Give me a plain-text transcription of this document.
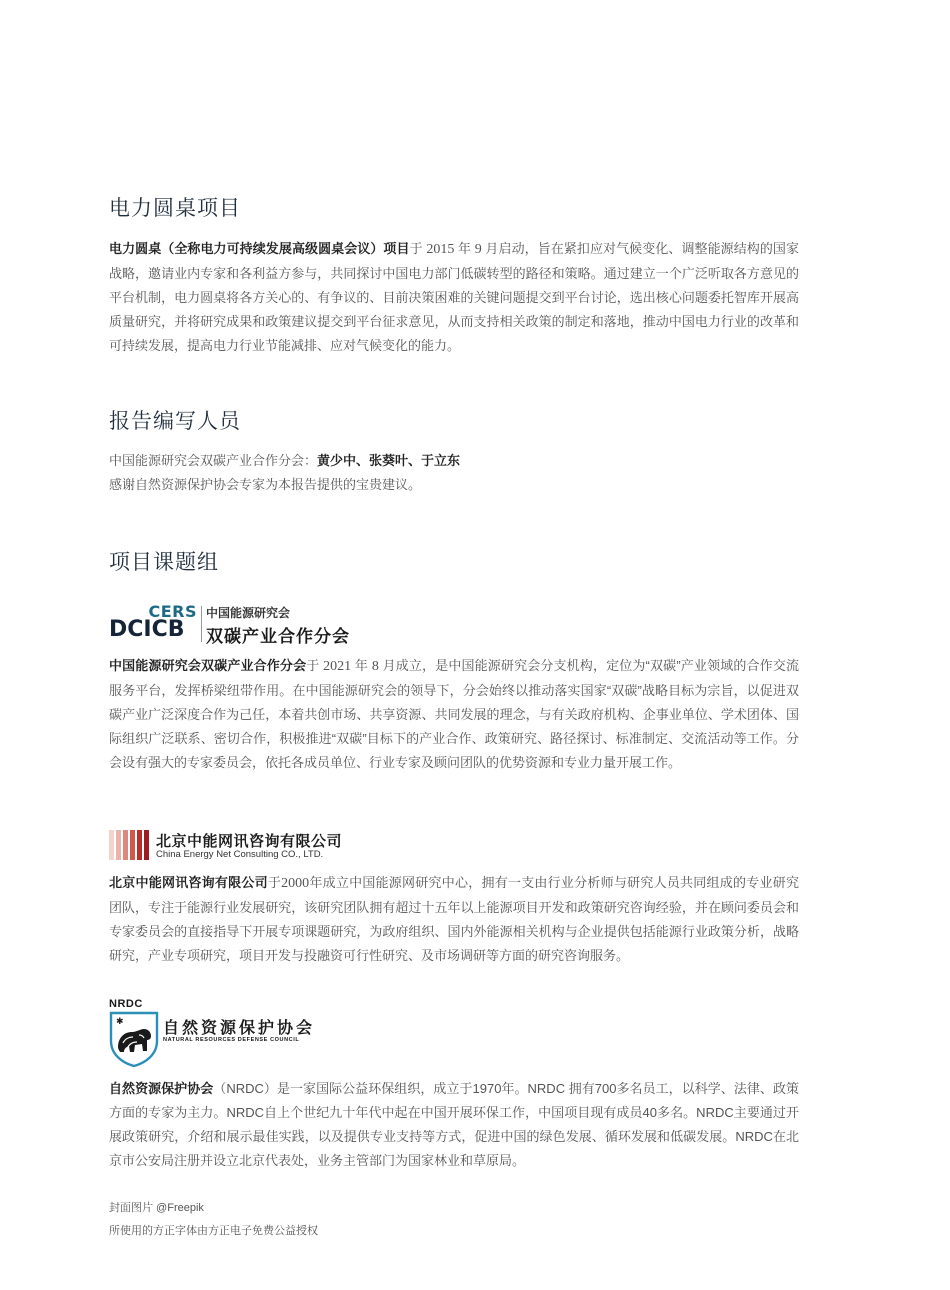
电力圆桌项目

电力圆桌（全称电力可持续发展高级圆桌会议）项目于 2015 年 9 月启动，旨在紧扣应对气候变化、调整能源结构的国家战略，邀请业内专家和各利益方参与，共同探讨中国电力部门低碳转型的路径和策略。通过建立一个广泛听取各方意见的平台机制，电力圆桌将各方关心的、有争议的、目前决策困难的关键问题提交到平台讨论，选出核心问题委托智库开展高质量研究，并将研究成果和政策建议提交到平台征求意见，从而支持相关政策的制定和落地，推动中国电力行业的改革和可持续发展，提高电力行业节能减排、应对气候变化的能力。

报告编写人员

中国能源研究会双碳产业合作分会：黄少中、张葵叶、于立东

感谢自然资源保护协会专家为本报告提供的宝贵建议。

项目课题组
CERS
DCICB
中国能源研究会
双碳产业合作分会

中国能源研究会双碳产业合作分会于 2021 年 8 月成立，是中国能源研究会分支机构，定位为“双碳”产业领域的合作交流服务平台，发挥桥梁纽带作用。在中国能源研究会的领导下，分会始终以推动落实国家“双碳”战略目标为宗旨，以促进双碳产业广泛深度合作为己任，本着共创市场、共享资源、共同发展的理念，与有关政府机构、企事业单位、学术团体、国际组织广泛联系、密切合作，积极推进“双碳”目标下的产业合作、政策研究、路径探讨、标准制定、交流活动等工作。分会设有强大的专家委员会，依托各成员单位、行业专家及顾问团队的优势资源和专业力量开展工作。

北京中能网讯咨询有限公司
China Energy Net Consulting CO., LTD.

北京中能网讯咨询有限公司于2000年成立中国能源网研究中心，拥有一支由行业分析师与研究人员共同组成的专业研究团队，专注于能源行业发展研究，该研究团队拥有超过十五年以上能源项目开发和政策研究咨询经验，并在顾问委员会和专家委员会的直接指导下开展专项课题研究，为政府组织、国内外能源相关机构与企业提供包括能源行业政策分析，战略研究，产业专项研究，项目开发与投融资可行性研究、及市场调研等方面的研究咨询服务。

NRDC
✱ 自然资源保护协会
NATURAL RESOURCES DEFENSE COUNCIL

自然资源保护协会（NRDC）是一家国际公益环保组织，成立于1970年。NRDC 拥有700多名员工，以科学、法律、政策方面的专家为主力。NRDC自上个世纪九十年代中起在中国开展环保工作，中国项目现有成员40多名。NRDC主要通过开展政策研究，介绍和展示最佳实践，以及提供专业支持等方式，促进中国的绿色发展、循环发展和低碳发展。NRDC在北京市公安局注册并设立北京代表处，业务主管部门为国家林业和草原局。

封面图片 @Freepik

所使用的方正字体由方正电子免费公益授权
